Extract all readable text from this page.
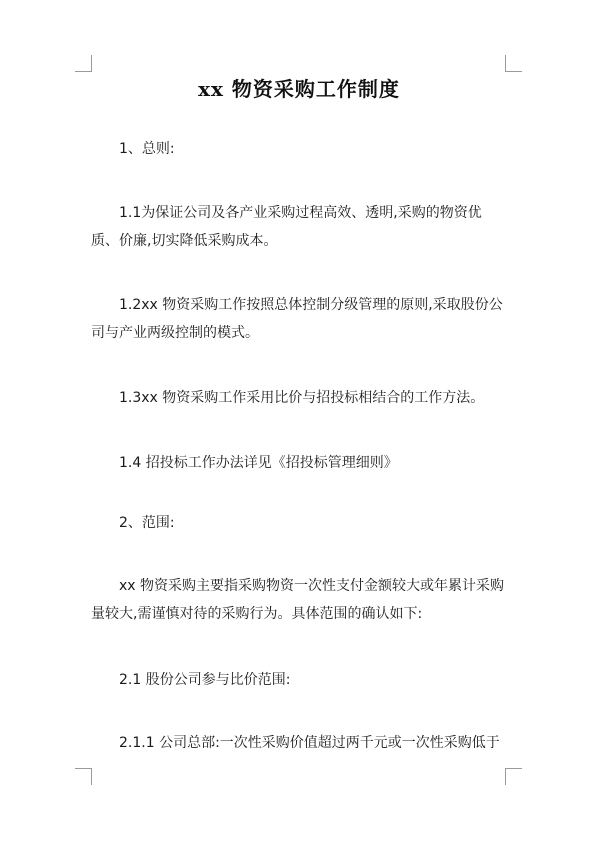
xx 物资采购工作制度
1、总则:
1.1为保证公司及各产业采购过程高效、透明,采购的物资优质、价廉,切实降低采购成本。
1.2xx 物资采购工作按照总体控制分级管理的原则,采取股份公司与产业两级控制的模式。
1.3xx 物资采购工作采用比价与招投标相结合的工作方法。
1.4 招投标工作办法详见《招投标管理细则》
2、范围:
xx 物资采购主要指采购物资一次性支付金额较大或年累计采购量较大,需谨慎对待的采购行为。具体范围的确认如下:
2.1 股份公司参与比价范围:
2.1.1 公司总部:一次性采购价值超过两千元或一次性采购低于
